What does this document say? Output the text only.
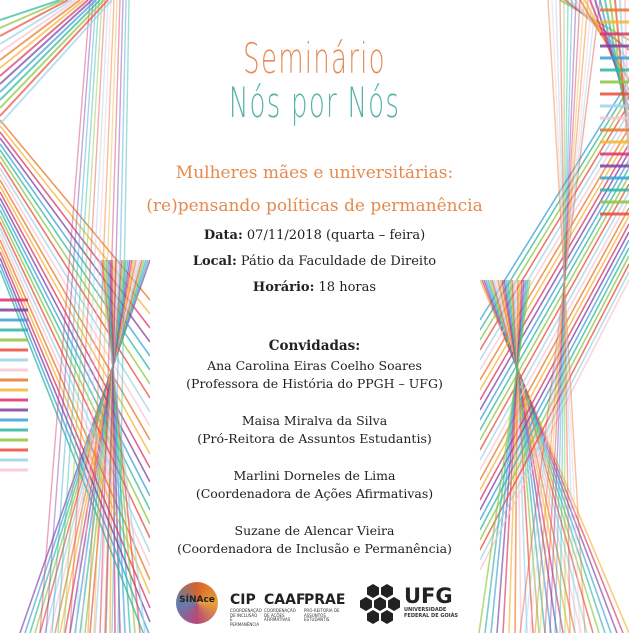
Seminário
Nós por Nós
Mulheres mães e universitárias:
(re)pensando políticas de permanência
Data: 07/11/2018 (quarta – feira)
Local: Pátio da Faculdade de Direito
Horário: 18 horas
Convidadas:
Ana Carolina Eiras Coelho Soares
(Professora de História do PPGH – UFG)
Maisa Miralva da Silva
(Pró-Reitora de Assuntos Estudantis)
Marlini Dorneles de Lima
(Coordenadora de Ações Afirmativas)
Suzane de Alencar Vieira
(Coordenadora de Inclusão e Permanência)
SÍNAce CIP
COORDENAÇÃO DE INCLUSÃO E PERMANÊNCIA
CAAF
COORDENAÇÃO DE AÇÕES AFIRMATIVAS
PRAE
PRÓ-REITORIA DE ASSUNTOS ESTUDANTIS
UFG
UNIVERSIDADE FEDERAL DE GOIÁS
